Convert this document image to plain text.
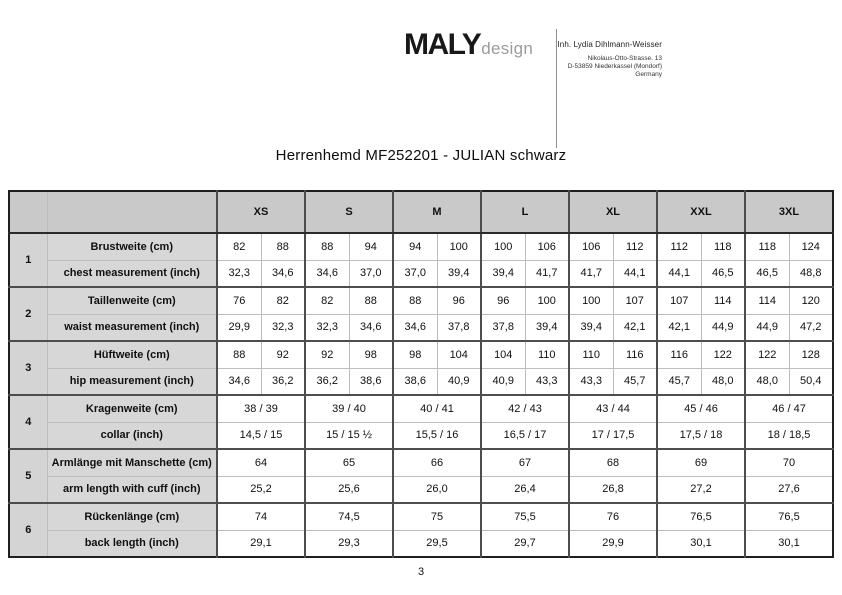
MALY design	Inh. Lydia Dihlmann-Weisser
Nikolaus-Otto-Strasse. 13
D-53859 Niederkassel (Mondorf)
Germany
Herrenhemd MF252201 - JULIAN schwarz
		XS		S		M		L		XL		XXL		3XL	
1	Brustweite (cm)	82	88	88	94	94	100	100	106	106	112	112	118	118	124
	chest measurement (inch)	32,3	34,6	34,6	37,0	37,0	39,4	39,4	41,7	41,7	44,1	44,1	46,5	46,5	48,8
2	Taillenweite (cm)	76	82	82	88	88	96	96	100	100	107	107	114	114	120
	waist measurement (inch)	29,9	32,3	32,3	34,6	34,6	37,8	37,8	39,4	39,4	42,1	42,1	44,9	44,9	47,2
3	Hüftweite (cm)	88	92	92	98	98	104	104	110	110	116	116	122	122	128
	hip measurement (inch)	34,6	36,2	36,2	38,6	38,6	40,9	40,9	43,3	43,3	45,7	45,7	48,0	48,0	50,4
4	Kragenweite (cm)	38 / 39		39 / 40		40 / 41		42 / 43		43 / 44		45 / 46		46 / 47	
	collar (inch)	14,5 / 15		15 / 15 ½		15,5 / 16		16,5 / 17		17 / 17,5		17,5 / 18		18 / 18,5	
5	Armlänge mit Manschette (cm)	64		65		66		67		68		69		70	
	arm length with cuff (inch)	25,2		25,6		26,0		26,4		26,8		27,2		27,6	
6	Rückenlänge (cm)	74		74,5		75		75,5		76		76,5		76,5	
	back length (inch)	29,1		29,3		29,5		29,7		29,9		30,1		30,1	
3
